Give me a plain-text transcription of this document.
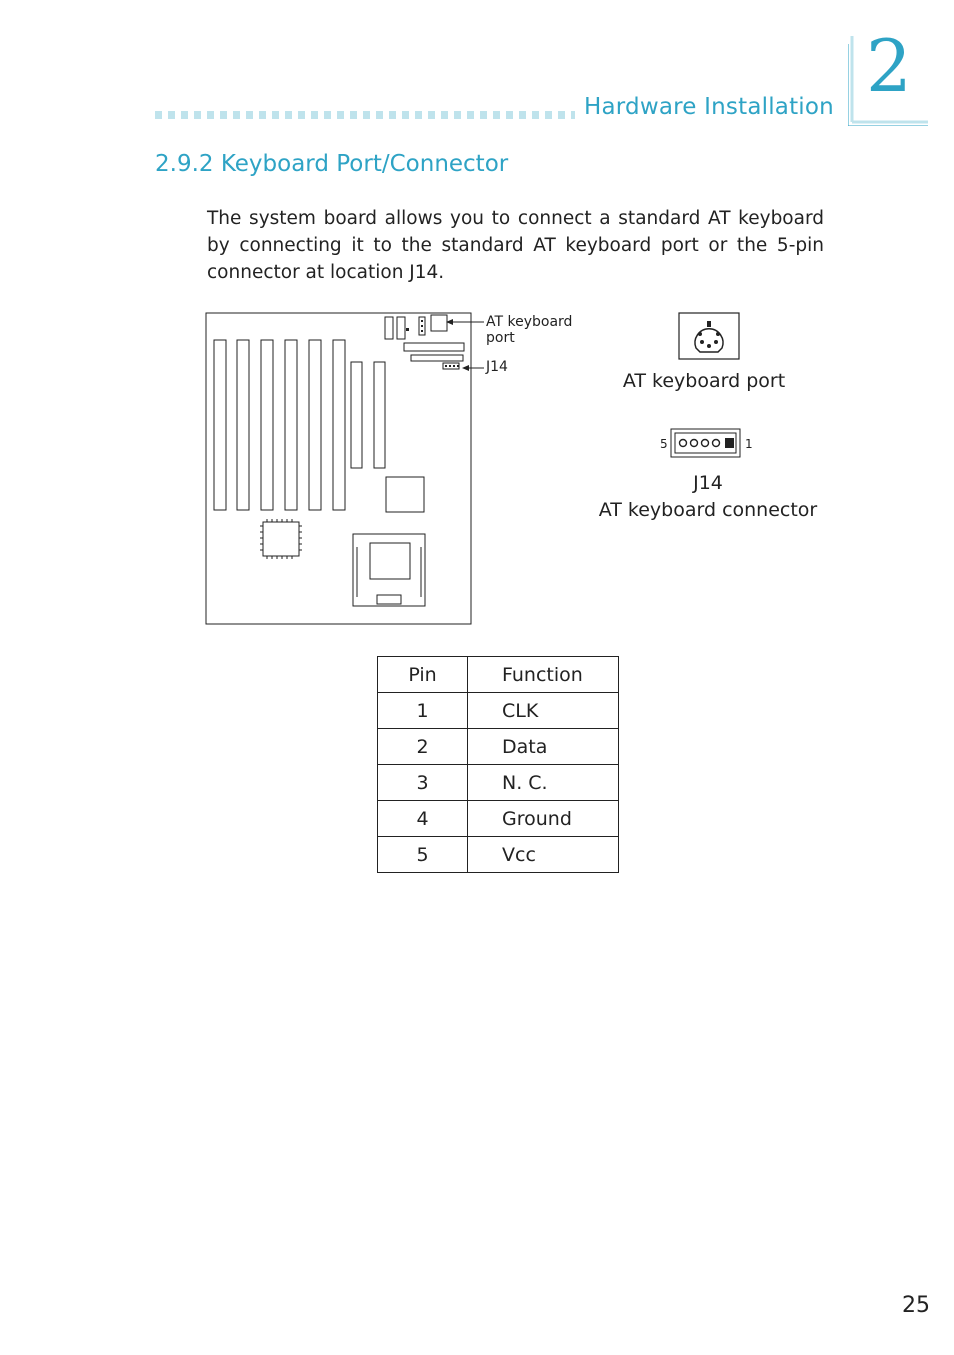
Hardware Installation 2
2.9.2 Keyboard Port/Connector
The system board allows you to connect a standard AT keyboard by connecting it to the standard AT keyboard port or the 5-pin connector at location J14.
AT keyboard
port
J14
AT keyboard port
5	1
J14
AT keyboard connector
Pin	Function
1	CLK
2	Data
3	N. C.
4	Ground
5	Vcc
25
